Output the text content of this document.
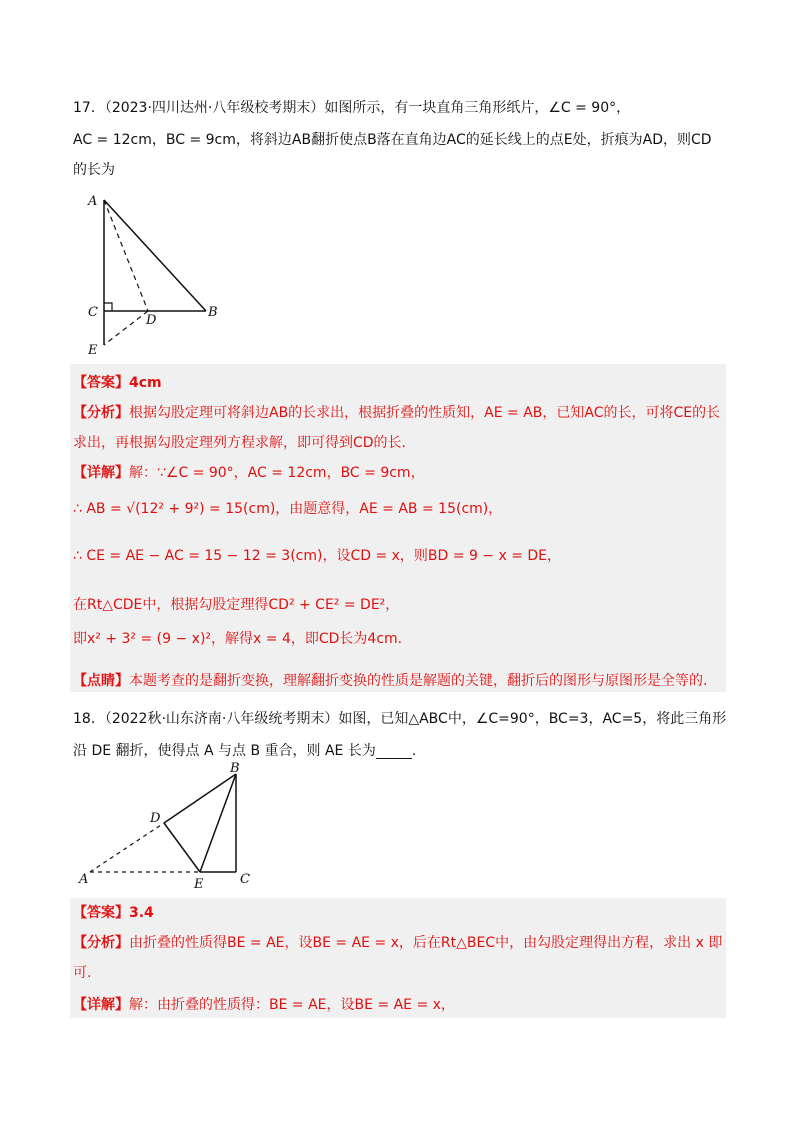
17．（2023·四川达州·八年级校考期末）如图所示，有一块直角三角形纸片，∠C = 90°，
AC = 12cm，BC = 9cm，将斜边AB翻折使点B落在直角边AC的延长线上的点E处，折痕为AD，则CD
的长为
A
B
C
D
E
【答案】4cm
【分析】根据勾股定理可将斜边AB的长求出，根据折叠的性质知，AE = AB，已知AC的长，可将CE的长
求出，再根据勾股定理列方程求解，即可得到CD的长.
【详解】解：∵∠C = 90°，AC = 12cm，BC = 9cm，
∴ AB = √(12² + 9²) = 15(cm)，由题意得，AE = AB = 15(cm)，
∴ CE = AE − AC = 15 − 12 = 3(cm)，设CD = x，则BD = 9 − x = DE，
在Rt△CDE中，根据勾股定理得CD² + CE² = DE²，
即x² + 3² = (9 − x)²，解得x = 4，即CD长为4cm.
【点睛】本题考查的是翻折变换，理解翻折变换的性质是解题的关键，翻折后的图形与原图形是全等的.
18．（2022秋·山东济南·八年级统考期末）如图，已知△ABC中，∠C=90°，BC=3，AC=5，将此三角形
沿 DE 翻折，使得点 A 与点 B 重合，则 AE 长为	.
B
D
A	E	C
【答案】3.4
【分析】由折叠的性质得BE = AE，设BE = AE = x，后在Rt△BEC中，由勾股定理得出方程，求出 x 即
可.
【详解】解：由折叠的性质得：BE = AE，设BE = AE = x，
